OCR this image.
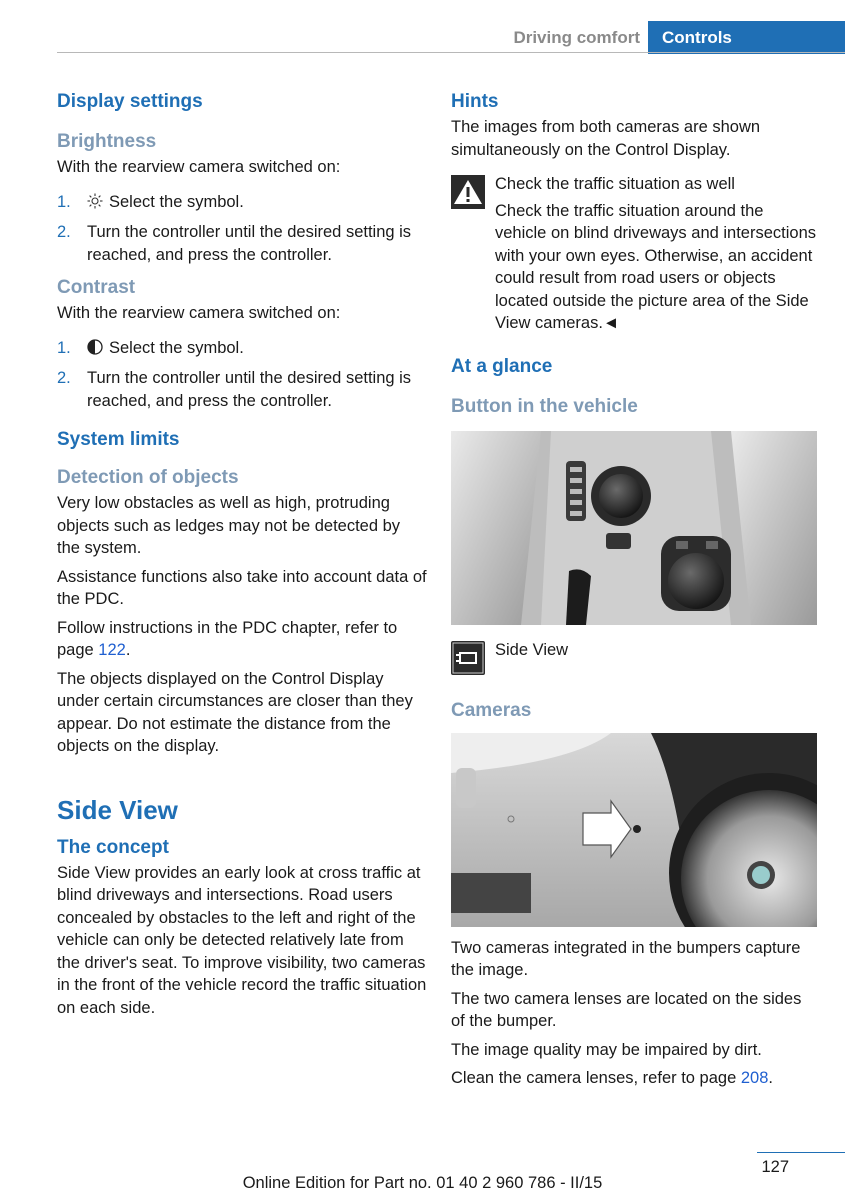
Driving comfort	Controls
Display settings
Brightness

With the rearview camera switched on:

1. Select the symbol.
2. Turn the controller until the desired setting is reached, and press the controller.
Contrast

With the rearview camera switched on:

1. Select the symbol.
2. Turn the controller until the desired setting is reached, and press the controller.
System limits
Detection of objects

Very low obstacles as well as high, protruding objects such as ledges may not be detected by the system.

Assistance functions also take into account data of the PDC.

Follow instructions in the PDC chapter, refer to page 122.

The objects displayed on the Control Display under certain circumstances are closer than they appear. Do not estimate the distance from the objects on the display.

Side View
The concept

Side View provides an early look at cross traffic at blind driveways and intersections. Road users concealed by obstacles to the left and right of the vehicle can only be detected relatively late from the driver's seat. To improve visibility, two cameras in the front of the vehicle record the traffic situation on each side.

Hints

The images from both cameras are shown simultaneously on the Control Display.

Check the traffic situation as well

Check the traffic situation around the vehicle on blind driveways and intersections with your own eyes. Otherwise, an accident could result from road users or objects located outside the picture area of the Side View cameras.◄

At a glance
Button in the vehicle

Side View

Cameras

Two cameras integrated in the bumpers capture the image.

The two camera lenses are located on the sides of the bumper.

The image quality may be impaired by dirt.

Clean the camera lenses, refer to page 208.

127
Online Edition for Part no. 01 40 2 960 786 - II/15
